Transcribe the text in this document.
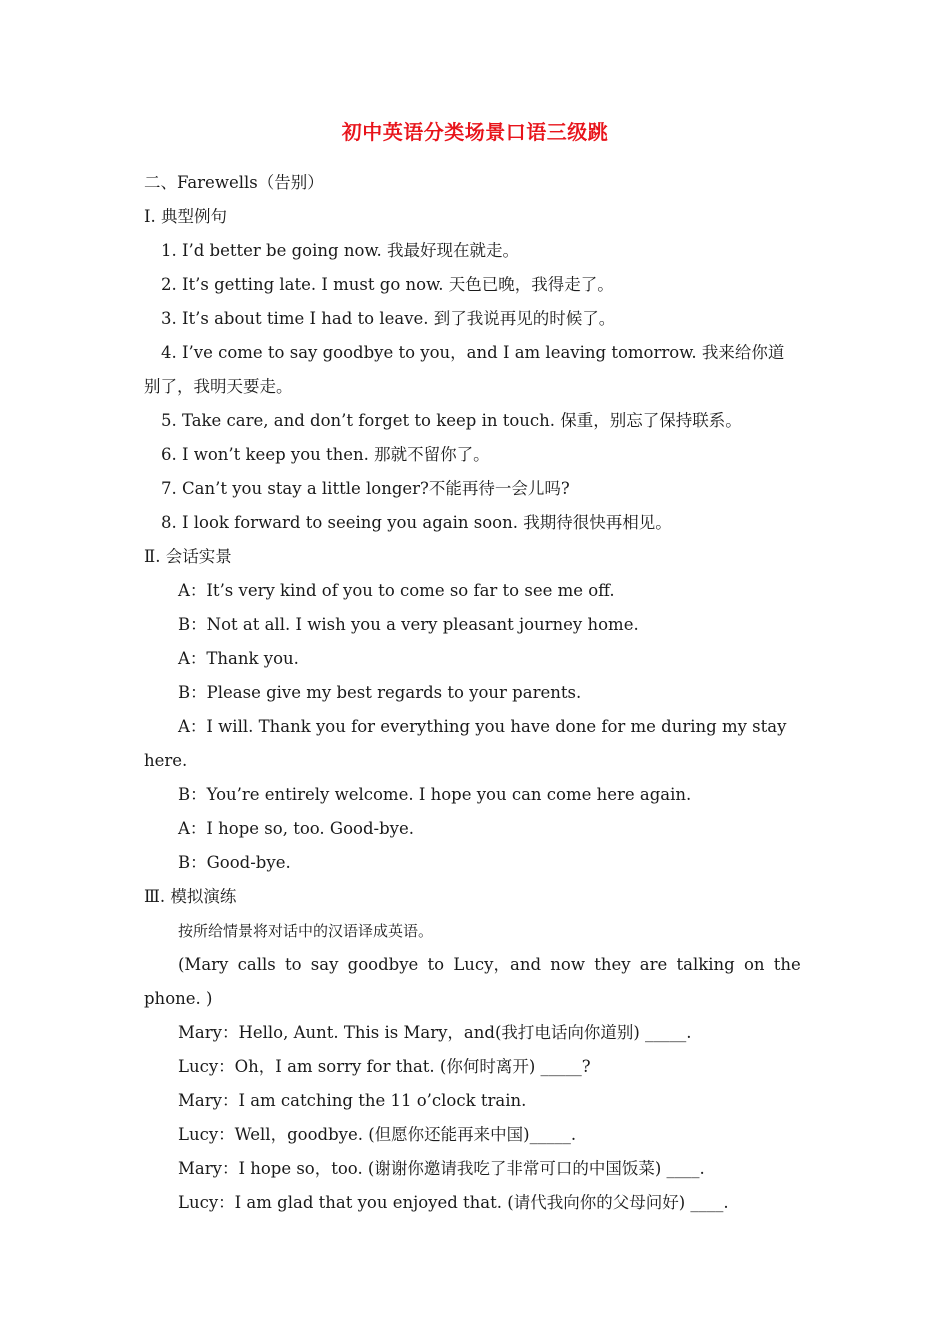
初中英语分类场景口语三级跳
二、Farewells（告别）
I. 典型例句
1. I’d better be going now. 我最好现在就走。
2. It’s getting late. I must go now. 天色已晚，我得走了。
3. It’s about time I had to leave. 到了我说再见的时候了。
4. I’ve come to say goodbye to you，and I am leaving tomorrow. 我来给你道
别了，我明天要走。
5. Take care, and don’t forget to keep in touch. 保重，别忘了保持联系。
6. I won’t keep you then. 那就不留你了。
7. Can’t you stay a little longer?不能再待一会儿吗?
8. I look forward to seeing you again soon. 我期待很快再相见。
Ⅱ. 会话实景
A：It’s very kind of you to come so far to see me off.
B：Not at all. I wish you a very pleasant journey home.
A：Thank you.
B：Please give my best regards to your parents.
A：I will. Thank you for everything you have done for me during my stay
here.
B：You’re entirely welcome. I hope you can come here again.
A：I hope so, too. Good-bye.
B：Good-bye.
Ⅲ. 模拟演练
按所给情景将对话中的汉语译成英语。
(Mary calls to say goodbye to Lucy，and now they are talking on the
phone. )
Mary：Hello, Aunt. This is Mary，and(我打电话向你道别) _____.
Lucy：Oh，I am sorry for that. (你何时离开) _____?
Mary：I am catching the 11 o’clock train.
Lucy：Well，goodbye. (但愿你还能再来中国)_____.
Mary：I hope so，too. (谢谢你邀请我吃了非常可口的中国饭菜) ____.
Lucy：I am glad that you enjoyed that. (请代我向你的父母问好) ____.
